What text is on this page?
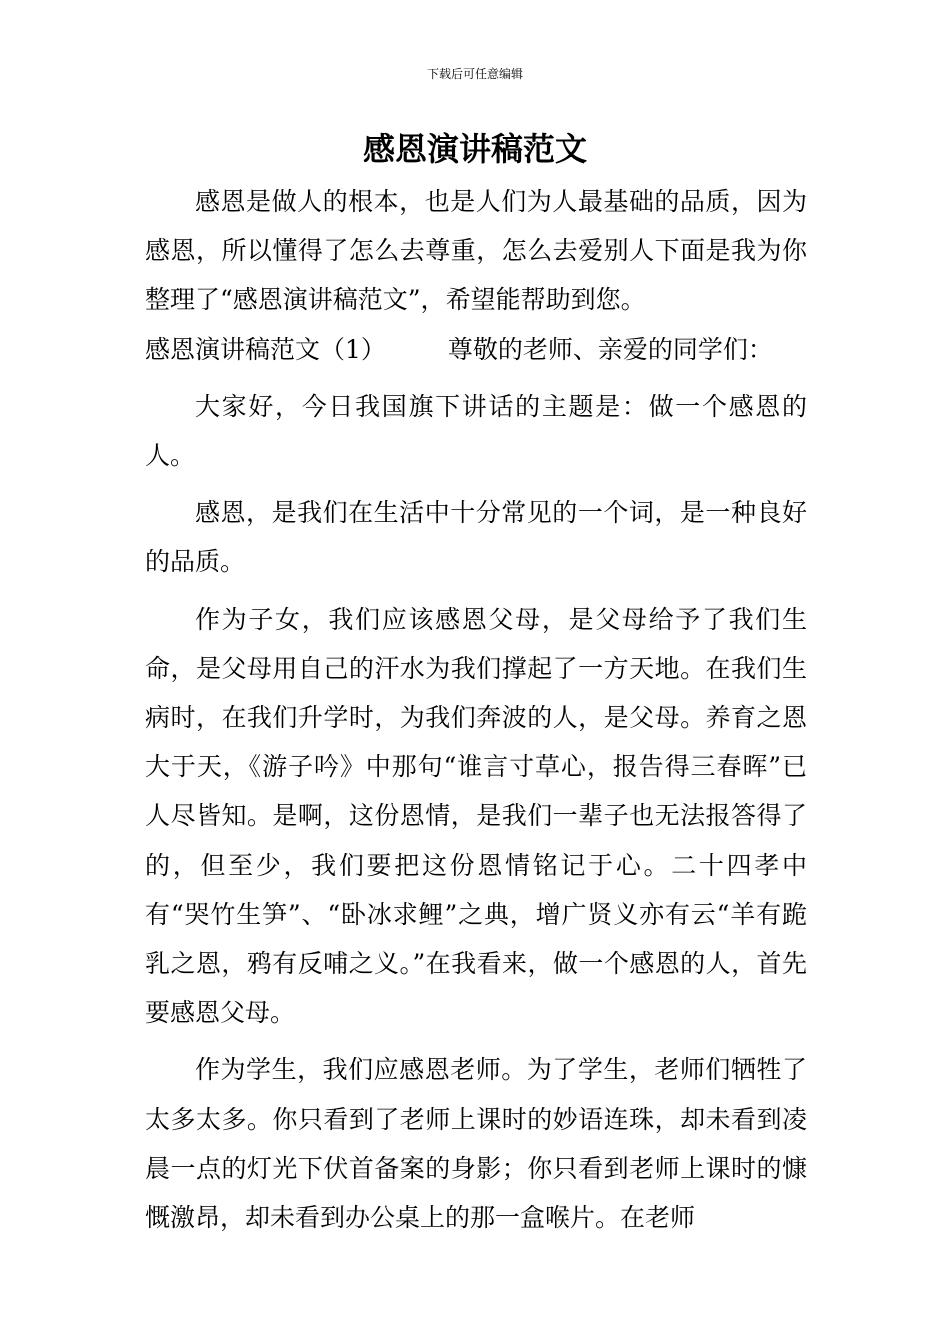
下载后可任意编辑
感恩演讲稿范文

感恩是做人的根本，也是人们为人最基础的品质，因为感恩，所以懂得了怎么去尊重，怎么去爱别人下面是我为你整理了“感恩演讲稿范文”，希望能帮助到您。

感恩演讲稿范文（1） 尊敬的老师、亲爱的同学们：

大家好，今日我国旗下讲话的主题是：做一个感恩的人。

感恩，是我们在生活中十分常见的一个词，是一种良好的品质。

作为子女，我们应该感恩父母，是父母给予了我们生命，是父母用自己的汗水为我们撑起了一方天地。在我们生病时，在我们升学时，为我们奔波的人，是父母。养育之恩大于天，《游子吟》中那句“谁言寸草心，报告得三春晖”已人尽皆知。是啊，这份恩情，是我们一辈子也无法报答得了的，但至少，我们要把这份恩情铭记于心。二十四孝中有“哭竹生笋”、“卧冰求鲤”之典，增广贤义亦有云“羊有跪乳之恩，鸦有反哺之义。”在我看来，做一个感恩的人，首先要感恩父母。

作为学生，我们应感恩老师。为了学生，老师们牺牲了太多太多。你只看到了老师上课时的妙语连珠，却未看到凌晨一点的灯光下伏首备案的身影；你只看到老师上课时的慷慨激昂，却未看到办公桌上的那一盒喉片。在老师
